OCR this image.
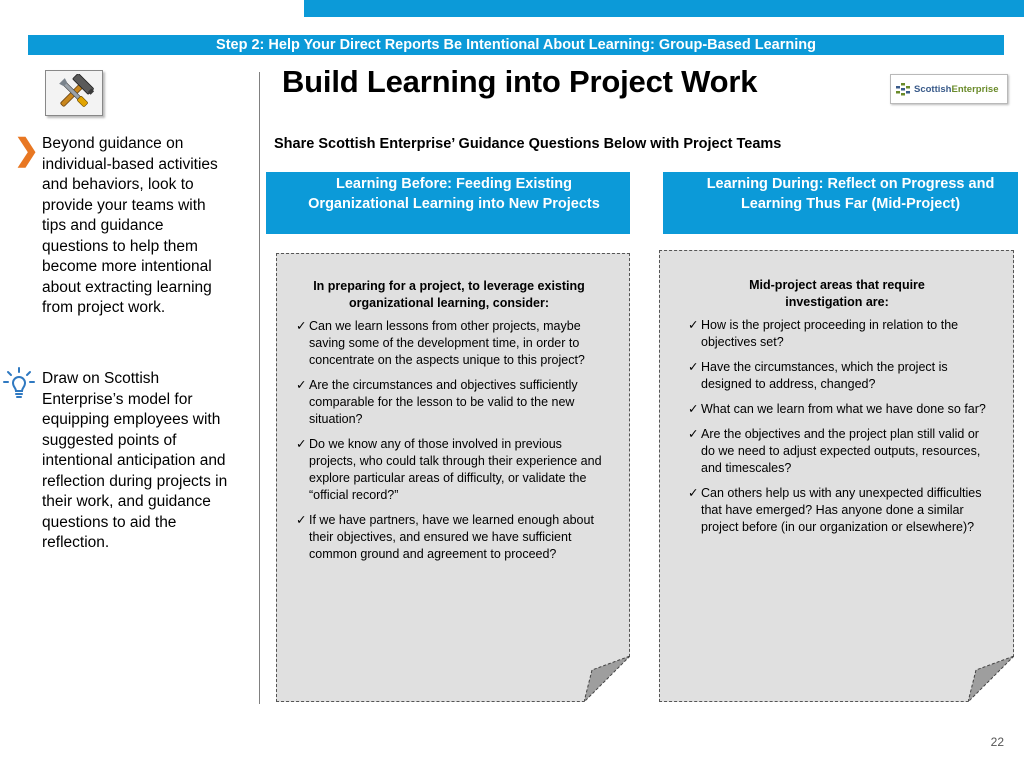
Step 2: Help Your Direct Reports Be Intentional About Learning: Group-Based Learning
Build Learning into Project Work	ScottishEnterprise
❯ Beyond guidance on individual-based activities and behaviors, look to provide your teams with tips and guidance questions to help them become more intentional about extracting learning from project work.
Draw on Scottish Enterprise’s model for equipping employees with suggested points of intentional anticipation and reflection during projects in their work, and guidance questions to aid the reflection.
Share Scottish Enterprise’ Guidance Questions Below with Project Teams
Learning Before: Feeding Existing Organizational Learning into New Projects
Learning During: Reflect on Progress and Learning Thus Far (Mid-Project)
In preparing for a project, to leverage existing organizational learning, consider:
✓ Can we learn lessons from other projects, maybe saving some of the development time, in order to concentrate on the aspects unique to this project?
✓ Are the circumstances and objectives sufficiently comparable for the lesson to be valid to the new situation?
✓ Do we know any of those involved in previous projects, who could talk through their experience and explore particular areas of difficulty, or validate the “official record?”
✓ If we have partners, have we learned enough about their objectives, and ensured we have sufficient common ground and agreement to proceed?
Mid-project areas that require investigation are:
✓ How is the project proceeding in relation to the objectives set?
✓ Have the circumstances, which the project is designed to address, changed?
✓ What can we learn from what we have done so far?
✓ Are the objectives and the project plan still valid or do we need to adjust expected outputs, resources, and timescales?
✓ Can others help us with any unexpected difficulties that have emerged? Has anyone done a similar project before (in our organization or elsewhere)?
22
